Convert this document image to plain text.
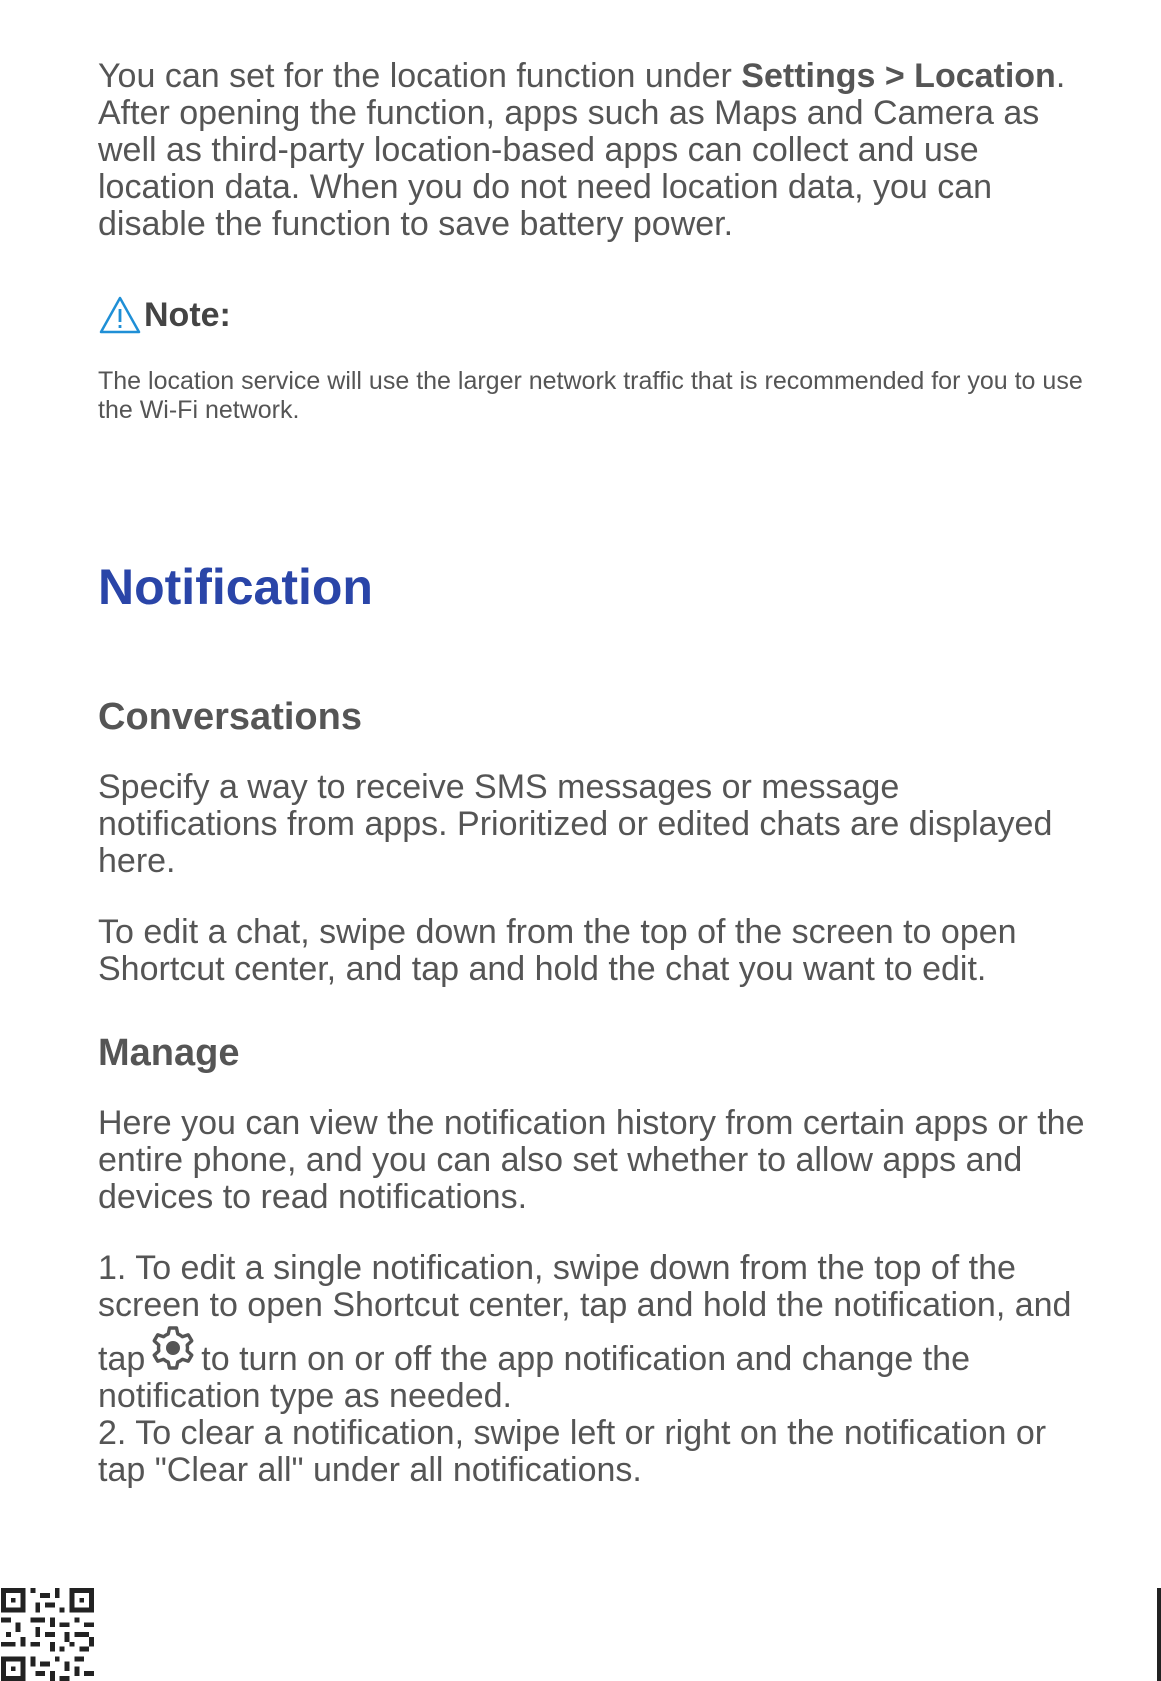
You can set for the location function under Settings > Location. After opening the function, apps such as Maps and Camera as well as third-party location-based apps can collect and use location data. When you do not need location data, you can disable the function to save battery power.

Note:

The location service will use the larger network traffic that is recommended for you to use the Wi-Fi network.

Notification
Conversations

Specify a way to receive SMS messages or message notifications from apps. Prioritized or edited chats are displayed here.

To edit a chat, swipe down from the top of the screen to open Shortcut center, and tap and hold the chat you want to edit.

Manage

Here you can view the notification history from certain apps or the entire phone, and you can also set whether to allow apps and devices to read notifications.

1. To edit a single notification, swipe down from the top of the screen to open Shortcut center, tap and hold the notification, and tap to turn on or off the app notification and change the notification type as needed.

2. To clear a notification, swipe left or right on the notification or tap "Clear all" under all notifications.
